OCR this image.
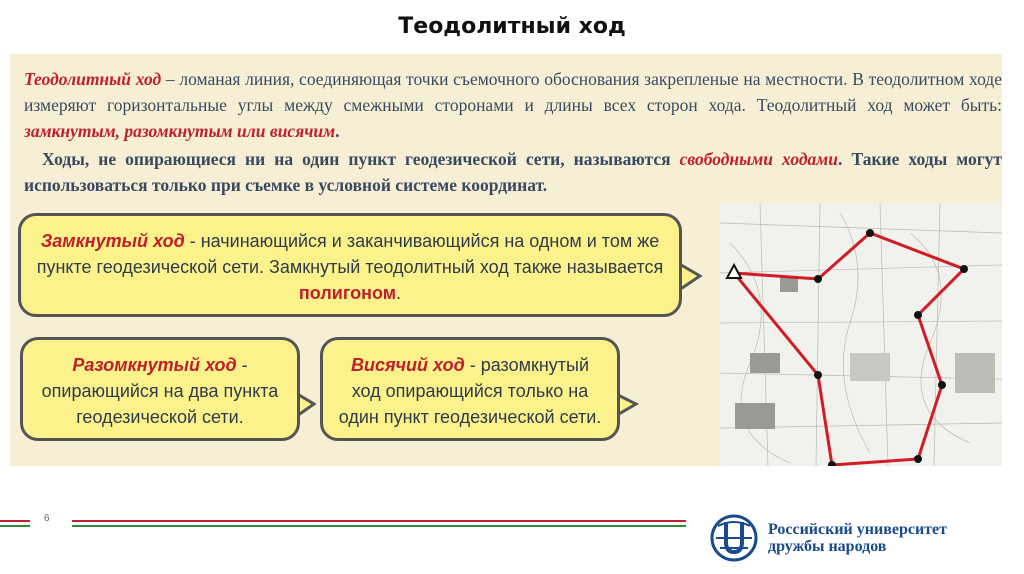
Теодолитный ход
Теодолитный ход – ломаная линия, соединяющая точки съемочного обоснования закрепленые на местности. В теодолитном ходе измеряют горизонтальные углы между смежными сторонами и длины всех сторон хода. Теодолитный ход может быть: замкнутым, разомкнутым или висячим.
Ходы, не опирающиеся ни на один пункт геодезической сети, называются свободными ходами. Такие ходы могут использоваться только при съемке в условной системе координат.
Замкнутый ход - начинающийся и заканчивающийся на одном и том же пункте геодезической сети. Замкнутый теодолитный ход также называется полигоном.
Разомкнутый ход - опирающийся на два пункта геодезической сети.
Висячий ход - разомкнутый ход опирающийся только на один пункт геодезической сети.
6
Российский университет
дружбы народов
